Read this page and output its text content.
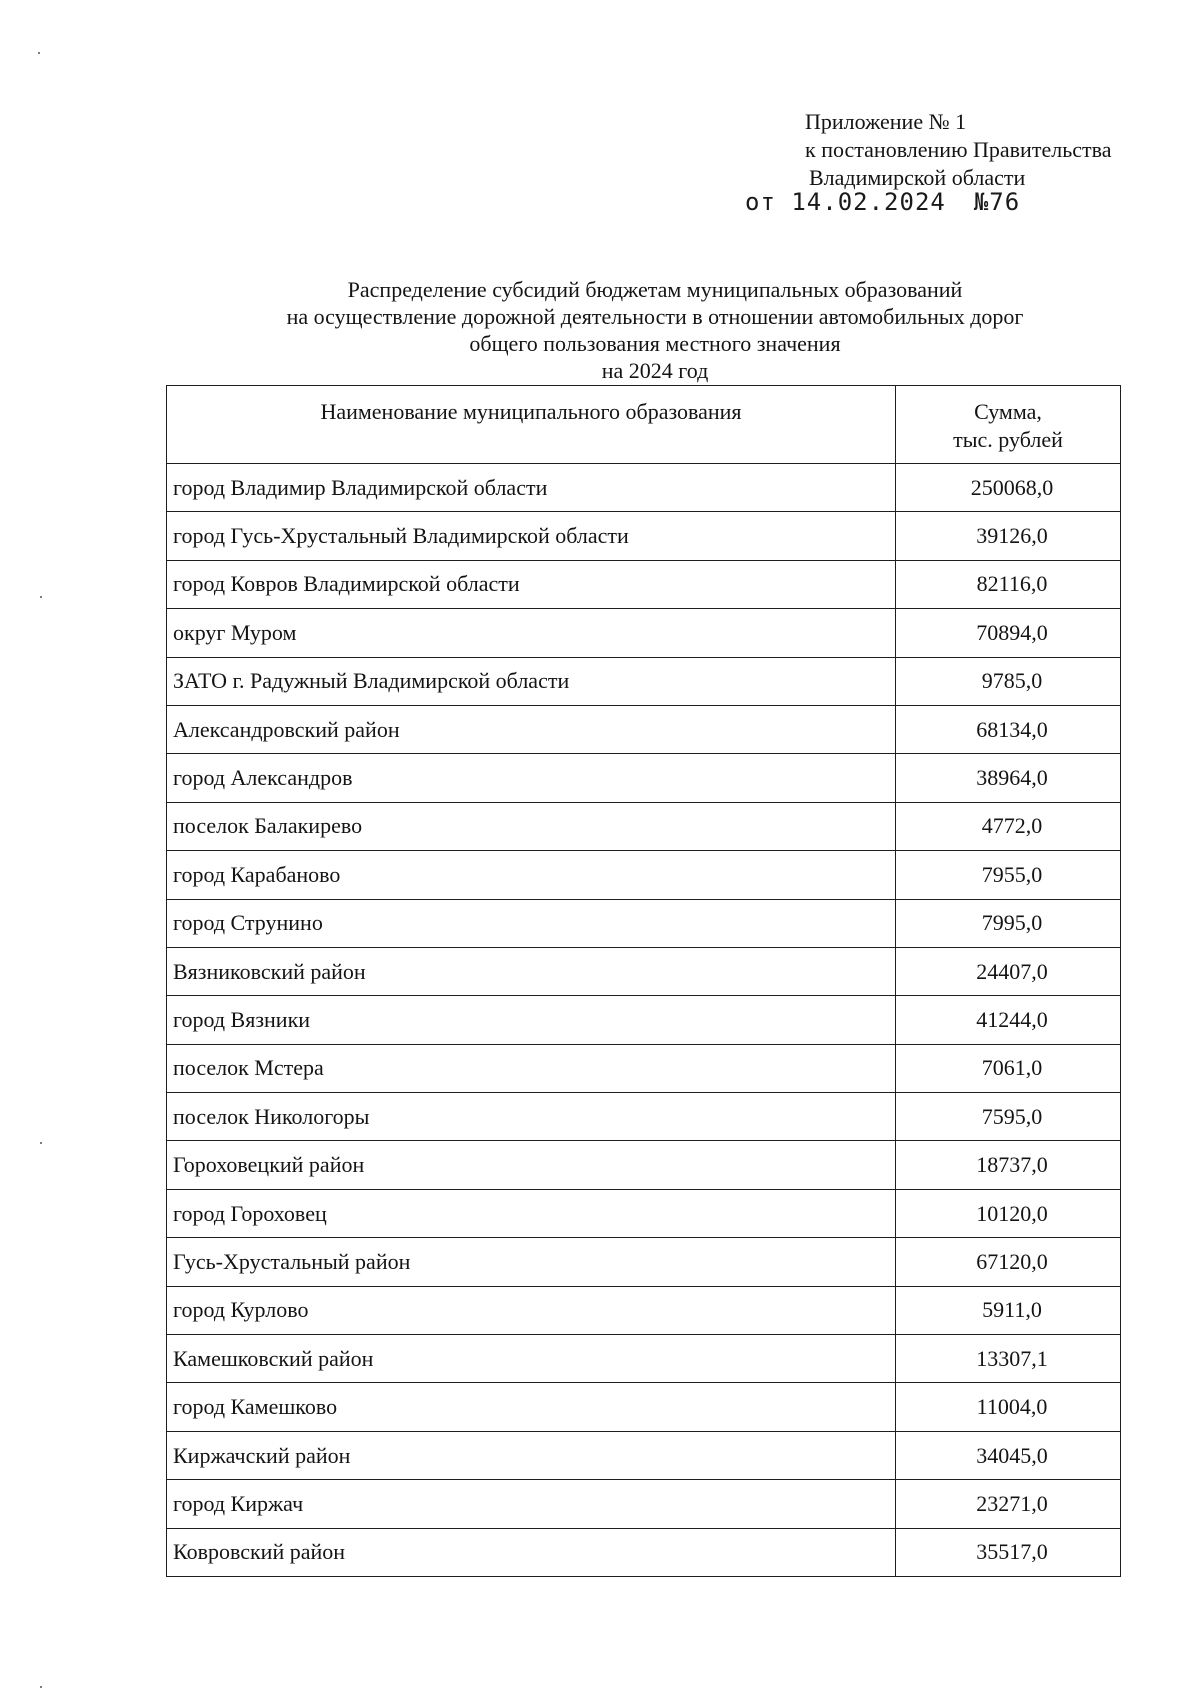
Приложение № 1
к постановлению Правительства
Владимирской области
от 14.02.2024 №76
Распределение субсидий бюджетам муниципальных образований
на осуществление дорожной деятельности в отношении автомобильных дорог
общего пользования местного значения
на 2024 год
Наименование муниципального образования	Сумма,
тыс. рублей
город Владимир Владимирской области	250068,0
город Гусь-Хрустальный Владимирской области	39126,0
город Ковров Владимирской области	82116,0
округ Муром	70894,0
ЗАТО г. Радужный Владимирской области	9785,0
Александровский район	68134,0
город Александров	38964,0
поселок Балакирево	4772,0
город Карабаново	7955,0
город Струнино	7995,0
Вязниковский район	24407,0
город Вязники	41244,0
поселок Мстера	7061,0
поселок Никологоры	7595,0
Гороховецкий район	18737,0
город Гороховец	10120,0
Гусь-Хрустальный район	67120,0
город Курлово	5911,0
Камешковский район	13307,1
город Камешково	11004,0
Киржачский район	34045,0
город Киржач	23271,0
Ковровский район	35517,0
